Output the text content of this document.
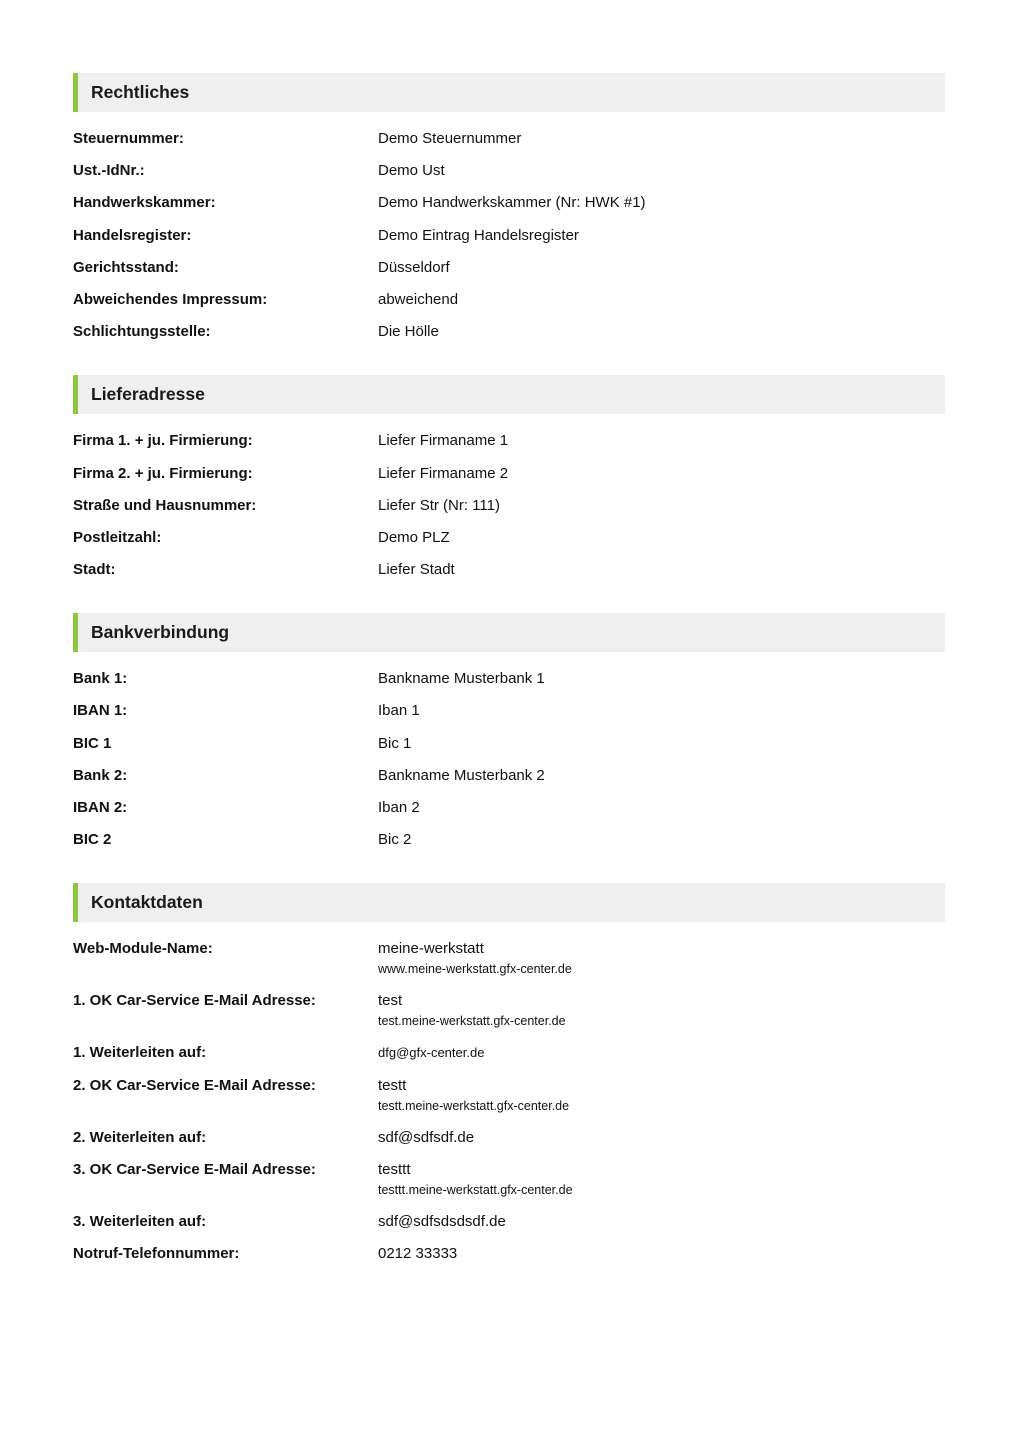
Rechtliches
Steuernummer:	Demo Steuernummer
Ust.-IdNr.:	Demo Ust
Handwerkskammer:	Demo Handwerkskammer (Nr: HWK #1)
Handelsregister:	Demo Eintrag Handelsregister
Gerichtsstand:	Düsseldorf
Abweichendes Impressum:	abweichend
Schlichtungsstelle:	Die Hölle
Lieferadresse
Firma 1. + ju. Firmierung:	Liefer Firmaname 1
Firma 2. + ju. Firmierung:	Liefer Firmaname 2
Straße und Hausnummer:	Liefer Str (Nr: 111)
Postleitzahl:	Demo PLZ
Stadt:	Liefer Stadt
Bankverbindung
Bank 1:	Bankname Musterbank 1
IBAN 1:	Iban 1
BIC 1	Bic 1
Bank 2:	Bankname Musterbank 2
IBAN 2:	Iban 2
BIC 2	Bic 2
Kontaktdaten
Web-Module-Name:	meine-werkstatt
www.meine-werkstatt.gfx-center.de
1. OK Car-Service E-Mail Adresse:	test
test.meine-werkstatt.gfx-center.de
1. Weiterleiten auf:	dfg@gfx-center.de
2. OK Car-Service E-Mail Adresse:	testt
testt.meine-werkstatt.gfx-center.de
2. Weiterleiten auf:	sdf@sdfsdf.de
3. OK Car-Service E-Mail Adresse:	testtt
testtt.meine-werkstatt.gfx-center.de
3. Weiterleiten auf:	sdf@sdfsdsdsdf.de
Notruf-Telefonnummer:	0212 33333
